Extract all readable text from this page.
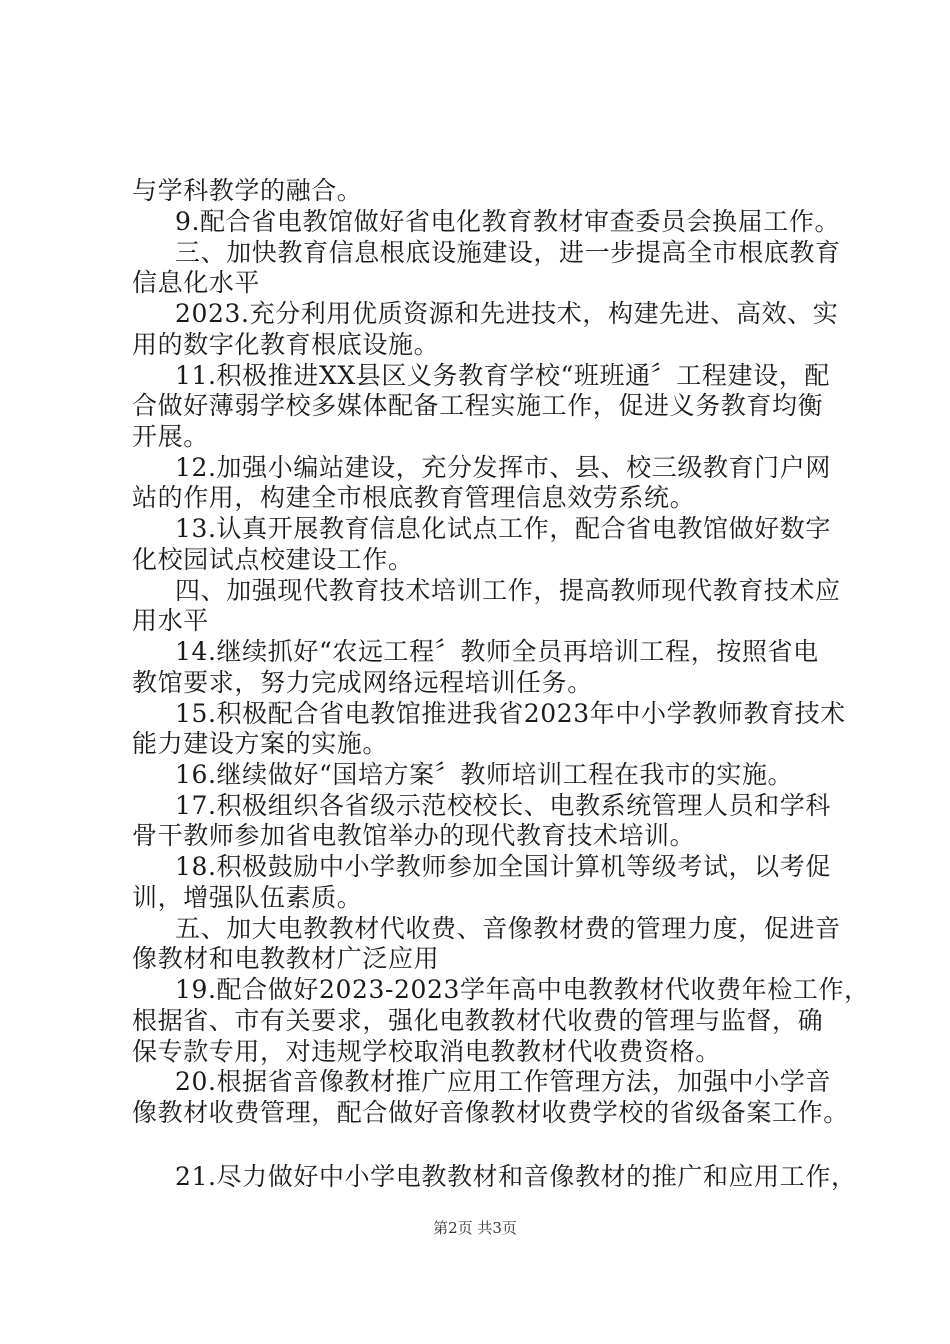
与学科教学的融合。
9.配合省电教馆做好省电化教育教材审查委员会换届工作。
三、加快教育信息根底设施建设，进一步提高全市根底教育
信息化水平
2023.充分利用优质资源和先进技术，构建先进、高效、实
用的数字化教育根底设施。
11.积极推进XX县区义务教育学校“班班通〞工程建设，配
合做好薄弱学校多媒体配备工程实施工作，促进义务教育均衡
开展。
12.加强小编站建设，充分发挥市、县、校三级教育门户网
站的作用，构建全市根底教育管理信息效劳系统。
13.认真开展教育信息化试点工作，配合省电教馆做好数字
化校园试点校建设工作。
四、加强现代教育技术培训工作，提高教师现代教育技术应
用水平
14.继续抓好“农远工程〞教师全员再培训工程，按照省电
教馆要求，努力完成网络远程培训任务。
15.积极配合省电教馆推进我省2023年中小学教师教育技术
能力建设方案的实施。
16.继续做好“国培方案〞教师培训工程在我市的实施。
17.积极组织各省级示范校校长、电教系统管理人员和学科
骨干教师参加省电教馆举办的现代教育技术培训。
18.积极鼓励中小学教师参加全国计算机等级考试，以考促
训，增强队伍素质。
五、加大电教教材代收费、音像教材费的管理力度，促进音
像教材和电教教材广泛应用
19.配合做好2023-2023学年高中电教教材代收费年检工作，
根据省、市有关要求，强化电教教材代收费的管理与监督，确
保专款专用，对违规学校取消电教教材代收费资格。
20.根据省音像教材推广应用工作管理方法，加强中小学音
像教材收费管理，配合做好音像教材收费学校的省级备案工作。
21.尽力做好中小学电教教材和音像教材的推广和应用工作，
第2页 共3页
